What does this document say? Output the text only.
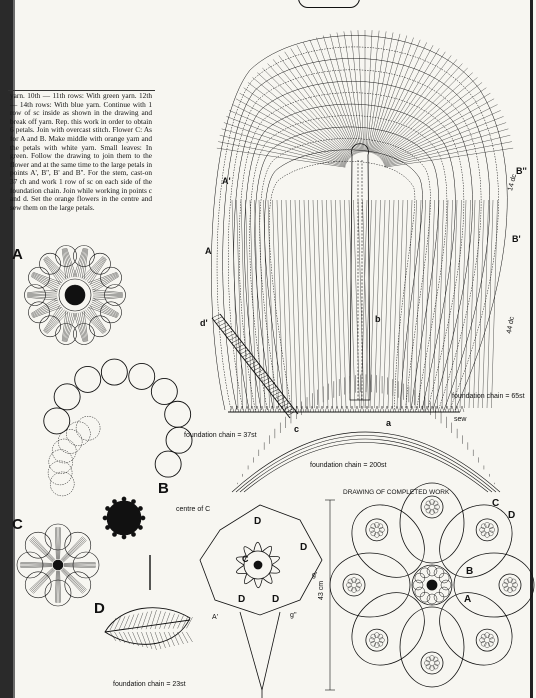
yarn. 10th — 11th rows: With green yarn. 12th — 14th rows: With blue yarn. Continue with 1 row of sc inside as shown in the drawing and break off yarn. Rep. this work in order to obtain 6 petals. Join with overcast stitch. Flower C: As for A and B. Make middle with orange yarn and the petals with white yarn. Small leaves: In green. Follow the drawing to join them to the flower and at the same time to the large petals in points A', B'', B' and B''. For the stem, cast-on 37 ch and work 1 row of sc on each side of the foundation chain. Join while working in points c and d. Set the orange flowers in the centre and sew them on the large petals.

A
B
C
D
A'
A
B''
B'
d'	b
a
c
sew
foundation chain = 37st
foundation chain = 200st
foundation chain = 65st
foundation chain = 23st
DRAWING OF COMPLETED WORK
centre of C
14 dc
44 dc
43 cm
g'
g''
A'
D
D
D	D
C
C
D
B
A
